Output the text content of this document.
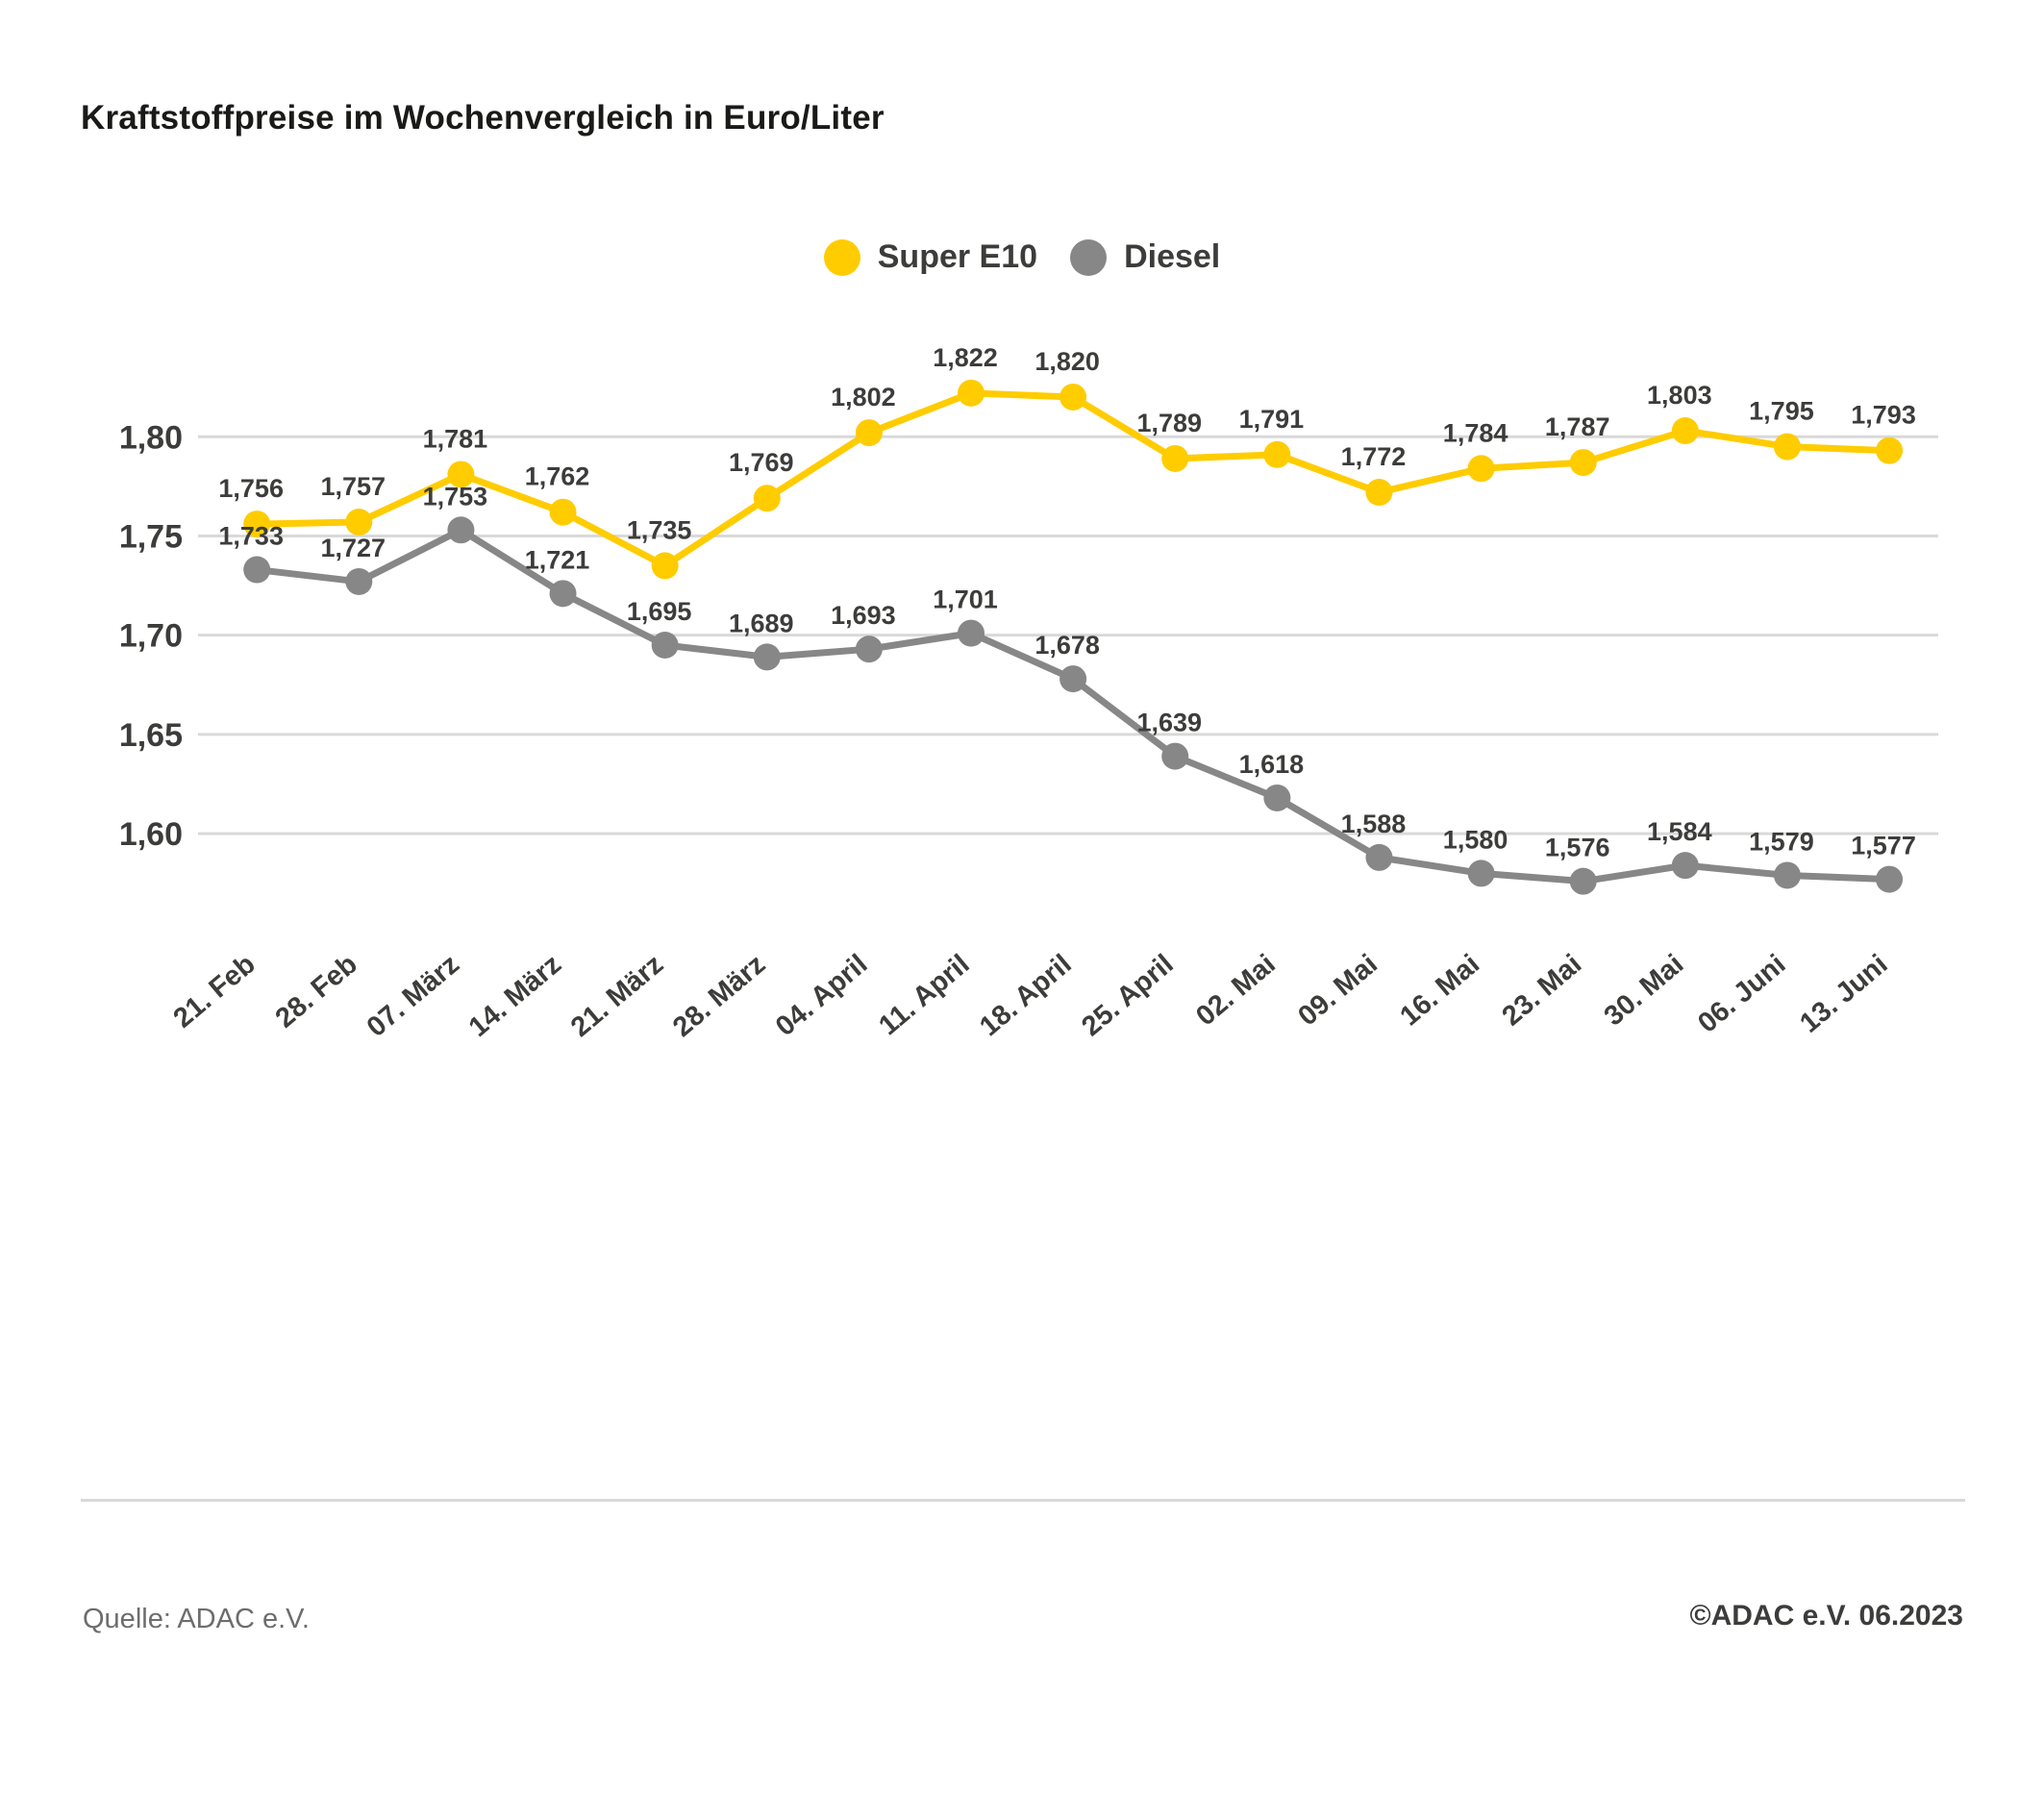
Kraftstoffpreise im Wochenvergleich in Euro/Liter
Super E10	Diesel
1,60
1,65
1,70
1,75
1,80
1,756 1,757
1,781
1,762
1,735
1,769
1,802
1,822 1,820
1,789 1,791
1,772
1,784 1,787
1,803
1,795 1,793
1,733 1,727
1,753
1,721
1,695 1,689 1,693
1,701
1,678
1,639
1,618
1,588
1,580 1,576
1,584 1,579 1,577
21. Feb 28. Feb
07. März
14. März
21. März
28. März
04. April 11. April
18. April
25. April 02. Mai 09. Mai 16. Mai 23. Mai 30. Mai 06. Juni 13. Juni
Quelle: ADAC e.V.	©ADAC e.V. 06.2023
